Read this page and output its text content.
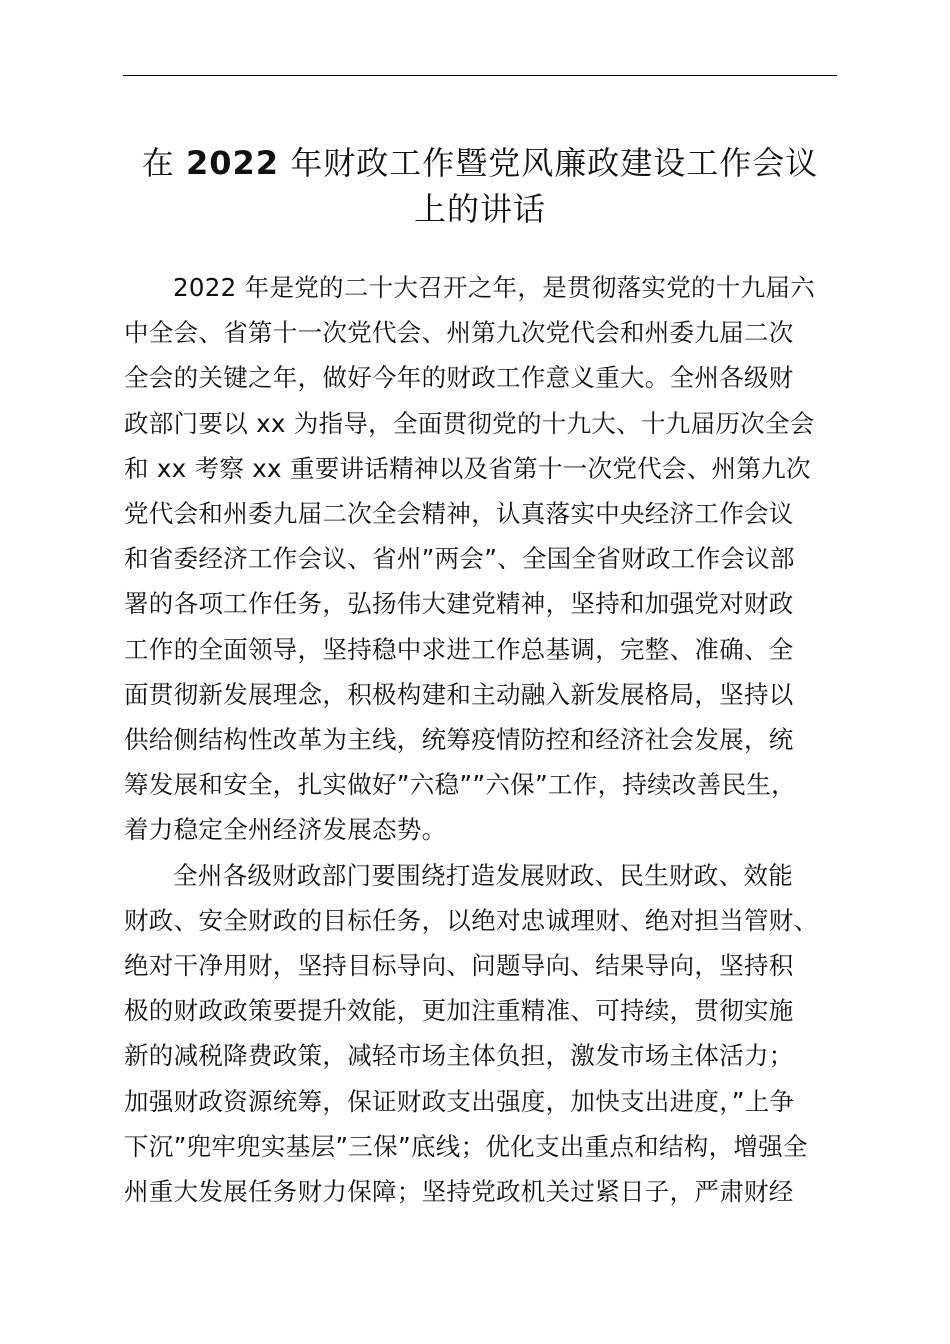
在 2022 年财政工作暨党风廉政建设工作会议
上的讲话

2022 年是党的二十大召开之年，是贯彻落实党的十九届六
中全会、省第十一次党代会、州第九次党代会和州委九届二次
全会的关键之年，做好今年的财政工作意义重大。全州各级财
政部门要以 xx 为指导，全面贯彻党的十九大、十九届历次全会
和 xx 考察 xx 重要讲话精神以及省第十一次党代会、州第九次
党代会和州委九届二次全会精神，认真落实中央经济工作会议
和省委经济工作会议、省州”两会”、全国全省财政工作会议部
署的各项工作任务，弘扬伟大建党精神，坚持和加强党对财政
工作的全面领导，坚持稳中求进工作总基调，完整、准确、全
面贯彻新发展理念，积极构建和主动融入新发展格局，坚持以
供给侧结构性改革为主线，统筹疫情防控和经济社会发展，统
筹发展和安全，扎实做好”六稳””六保”工作，持续改善民生，
着力稳定全州经济发展态势。

全州各级财政部门要围绕打造发展财政、民生财政、效能
财政、安全财政的目标任务，以绝对忠诚理财、绝对担当管财、
绝对干净用财，坚持目标导向、问题导向、结果导向，坚持积
极的财政政策要提升效能，更加注重精准、可持续，贯彻实施
新的减税降费政策，减轻市场主体负担，激发市场主体活力；
加强财政资源统筹，保证财政支出强度，加快支出进度，”上争
下沉”兜牢兜实基层”三保”底线；优化支出重点和结构，增强全
州重大发展任务财力保障；坚持党政机关过紧日子，严肃财经
